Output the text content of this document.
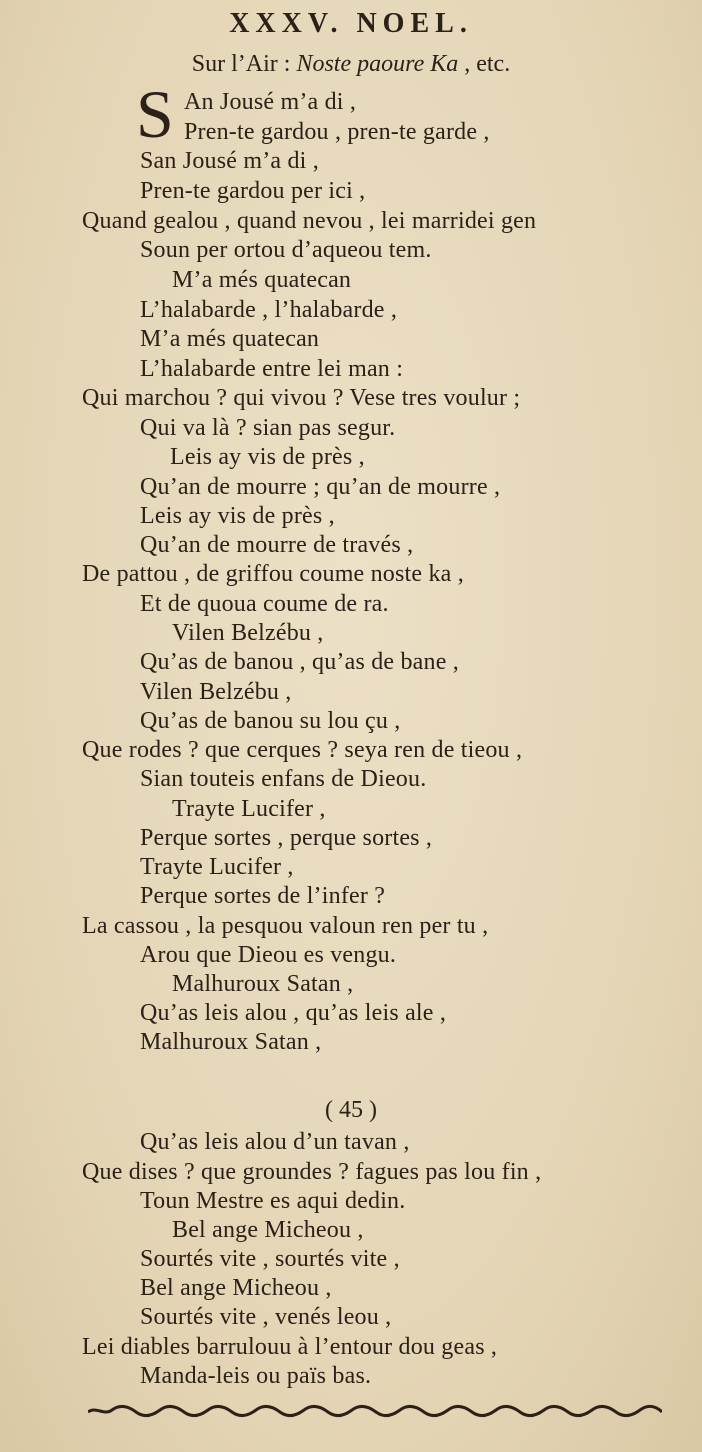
XXXV. NOEL.
Sur l’Air : Noste paoure Ka , etc.
S An Jousé m’a di ,
Pren-te gardou , pren-te garde ,
San Jousé m’a di ,
Pren-te gardou per ici ,
Quand gealou , quand nevou , lei marridei gen
Soun per ortou d’aqueou tem.
M’a més quatecan
L’halabarde , l’halabarde ,
M’a més quatecan
L’halabarde entre lei man :
Qui marchou ? qui vivou ? Vese tres voulur ;
Qui va là ? sian pas segur.
Leis ay vis de près ,
Qu’an de mourre ; qu’an de mourre ,
Leis ay vis de près ,
Qu’an de mourre de través ,
De pattou , de griffou coume noste ka ,
Et de quoua coume de ra.
Vilen Belzébu ,
Qu’as de banou , qu’as de bane ,
Vilen Belzébu ,
Qu’as de banou su lou çu ,
Que rodes ? que cerques ? seya ren de tieou ,
Sian touteis enfans de Dieou.
Trayte Lucifer ,
Perque sortes , perque sortes ,
Trayte Lucifer ,
Perque sortes de l’infer ?
La cassou , la pesquou valoun ren per tu ,
Arou que Dieou es vengu.
Malhuroux Satan ,
Qu’as leis alou , qu’as leis ale ,
Malhuroux Satan ,
( 45 )
Qu’as leis alou d’un tavan ,
Que dises ? que groundes ? fagues pas lou fin ,
Toun Mestre es aqui dedin.
Bel ange Micheou ,
Sourtés vite , sourtés vite ,
Bel ange Micheou ,
Sourtés vite , venés leou ,
Lei diables barrulouu à l’entour dou geas ,
Manda-leis ou païs bas.
